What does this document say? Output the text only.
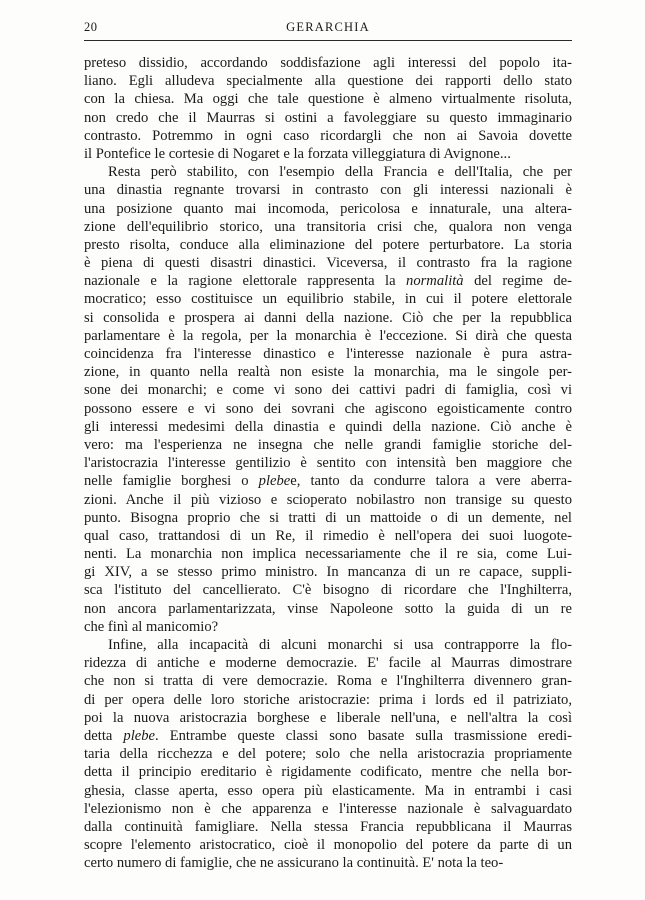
20	GERARCHIA
preteso dissidio, accordando soddisfazione agli interessi del popolo ita-
liano. Egli alludeva specialmente alla questione dei rapporti dello stato
con la chiesa. Ma oggi che tale questione è almeno virtualmente risoluta,
non credo che il Maurras si ostini a favoleggiare su questo immaginario
contrasto. Potremmo in ogni caso ricordargli che non ai Savoia dovette
il Pontefice le cortesie di Nogaret e la forzata villeggiatura di Avignone...
Resta però stabilito, con l'esempio della Francia e dell'Italia, che per
una dinastia regnante trovarsi in contrasto con gli interessi nazionali è
una posizione quanto mai incomoda, pericolosa e innaturale, una altera-
zione dell'equilibrio storico, una transitoria crisi che, qualora non venga
presto risolta, conduce alla eliminazione del potere perturbatore. La storia
è piena di questi disastri dinastici. Viceversa, il contrasto fra la ragione
nazionale e la ragione elettorale rappresenta la normalità del regime de-
mocratico; esso costituisce un equilibrio stabile, in cui il potere elettorale
si consolida e prospera ai danni della nazione. Ciò che per la repubblica
parlamentare è la regola, per la monarchia è l'eccezione. Si dirà che questa
coincidenza fra l'interesse dinastico e l'interesse nazionale è pura astra-
zione, in quanto nella realtà non esiste la monarchia, ma le singole per-
sone dei monarchi; e come vi sono dei cattivi padri di famiglia, così vi
possono essere e vi sono dei sovrani che agiscono egoisticamente contro
gli interessi medesimi della dinastia e quindi della nazione. Ciò anche è
vero: ma l'esperienza ne insegna che nelle grandi famiglie storiche del-
l'aristocrazia l'interesse gentilizio è sentito con intensità ben maggiore che
nelle famiglie borghesi o plebee, tanto da condurre talora a vere aberra-
zioni. Anche il più vizioso e scioperato nobilastro non transige su questo
punto. Bisogna proprio che si tratti di un mattoide o di un demente, nel
qual caso, trattandosi di un Re, il rimedio è nell'opera dei suoi luogote-
nenti. La monarchia non implica necessariamente che il re sia, come Lui-
gi XIV, a se stesso primo ministro. In mancanza di un re capace, suppli-
sca l'istituto del cancellierato. C'è bisogno di ricordare che l'Inghilterra,
non ancora parlamentarizzata, vinse Napoleone sotto la guida di un re
che finì al manicomio?
Infine, alla incapacità di alcuni monarchi si usa contrapporre la flo-
ridezza di antiche e moderne democrazie. E' facile al Maurras dimostrare
che non si tratta di vere democrazie. Roma e l'Inghilterra divennero gran-
di per opera delle loro storiche aristocrazie: prima i lords ed il patriziato,
poi la nuova aristocrazia borghese e liberale nell'una, e nell'altra la così
detta plebe. Entrambe queste classi sono basate sulla trasmissione eredi-
taria della ricchezza e del potere; solo che nella aristocrazia propriamente
detta il principio ereditario è rigidamente codificato, mentre che nella bor-
ghesia, classe aperta, esso opera più elasticamente. Ma in entrambi i casi
l'elezionismo non è che apparenza e l'interesse nazionale è salvaguardato
dalla continuità famigliare. Nella stessa Francia repubblicana il Maurras
scopre l'elemento aristocratico, cioè il monopolio del potere da parte di un
certo numero di famiglie, che ne assicurano la continuità. E' nota la teo-
